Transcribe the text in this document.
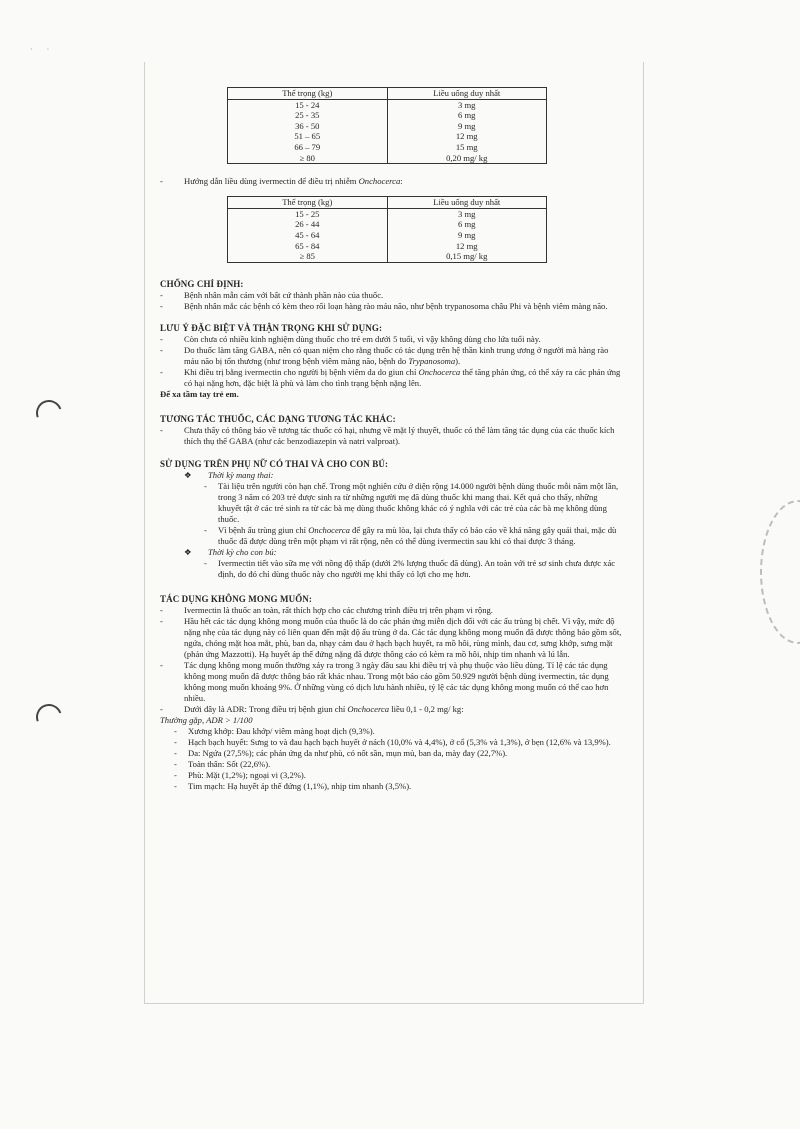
· ·
Thể trọng (kg)	Liều uống duy nhất
15 - 24	3 mg
25 - 35	6 mg
36 - 50	9 mg
51 – 65	12 mg
66 – 79	15 mg
≥ 80	0,20 mg/ kg
- Hướng dẫn liều dùng ivermectin để điều trị nhiễm Onchocerca:
Thể trọng (kg)	Liều uống duy nhất
15 - 25	3 mg
26 - 44	6 mg
45 - 64	9 mg
65 - 84	12 mg
≥ 85	0,15 mg/ kg
CHỐNG CHỈ ĐỊNH:
- Bệnh nhân mẫn cảm với bất cứ thành phần nào của thuốc.
- Bệnh nhân mắc các bệnh có kèm theo rối loạn hàng rào máu não, như bệnh trypanosoma châu Phi và bệnh viêm màng não.
LƯU Ý ĐẶC BIỆT VÀ THẬN TRỌNG KHI SỬ DỤNG:
- Còn chưa có nhiều kinh nghiệm dùng thuốc cho trẻ em dưới 5 tuổi, vì vậy không dùng cho lứa tuổi này.
- Do thuốc làm tăng GABA, nên có quan niệm cho rằng thuốc có tác dụng trên hệ thần kinh trung ương ở người mà hàng rào máu não bị tổn thương (như trong bệnh viêm màng não, bệnh do Trypanosoma).
- Khi điều trị bằng ivermectin cho người bị bệnh viêm da do giun chỉ Onchocerca thể tăng phản ứng, có thể xảy ra các phản ứng có hại nặng hơn, đặc biệt là phù và làm cho tình trạng bệnh nặng lên.
Để xa tầm tay trẻ em.
TƯƠNG TÁC THUỐC, CÁC DẠNG TƯƠNG TÁC KHÁC:
- Chưa thấy có thông báo về tương tác thuốc có hại, nhưng về mặt lý thuyết, thuốc có thể làm tăng tác dụng của các thuốc kích thích thụ thể GABA (như các benzodiazepin và natri valproat).
SỬ DỤNG TRÊN PHỤ NỮ CÓ THAI VÀ CHO CON BÚ:
❖ Thời kỳ mang thai:
- Tài liệu trên người còn hạn chế. Trong một nghiên cứu ở diện rộng 14.000 người bệnh dùng thuốc mỗi năm một lần, trong 3 năm có 203 trẻ được sinh ra từ những người mẹ đã dùng thuốc khi mang thai. Kết quả cho thấy, những khuyết tật ở các trẻ sinh ra từ các bà mẹ dùng thuốc không khác có ý nghĩa với các trẻ của các bà mẹ không dùng thuốc.
- Vì bệnh ấu trùng giun chỉ Onchocerca để gây ra mù lòa, lại chưa thấy có báo cáo về khả năng gây quái thai, mặc dù thuốc đã được dùng trên một phạm vi rất rộng, nên có thể dùng ivermectin sau khi có thai được 3 tháng.
❖ Thời kỳ cho con bú:
- Ivermectin tiết vào sữa mẹ với nồng độ thấp (dưới 2% lượng thuốc đã dùng). An toàn với trẻ sơ sinh chưa được xác định, do đó chỉ dùng thuốc này cho người mẹ khi thấy có lợi cho mẹ hơn.
TÁC DỤNG KHÔNG MONG MUỐN:
- Ivermectin là thuốc an toàn, rất thích hợp cho các chương trình điều trị trên phạm vi rộng.
- Hầu hết các tác dụng không mong muốn của thuốc là do các phản ứng miễn dịch đối với các ấu trùng bị chết. Vì vậy, mức độ nặng nhẹ của tác dụng này có liên quan đến mật độ ấu trùng ở da. Các tác dụng không mong muốn đã được thông báo gồm sốt, ngứa, chóng mặt hoa mắt, phù, ban da, nhạy cảm đau ở hạch bạch huyết, ra mồ hôi, rùng mình, đau cơ, sưng khớp, sưng mặt (phản ứng Mazzotti). Hạ huyết áp thế đứng nặng đã được thông cáo có kèm ra mồ hôi, nhịp tim nhanh và lú lẫn.
- Tác dụng không mong muốn thường xảy ra trong 3 ngày đầu sau khi điều trị và phụ thuộc vào liều dùng. Tỉ lệ các tác dụng không mong muốn đã được thông báo rất khác nhau. Trong một báo cáo gồm 50.929 người bệnh dùng ivermectin, tác dụng không mong muốn khoảng 9%. Ở những vùng có dịch lưu hành nhiều, tỷ lệ các tác dụng không mong muốn có thể cao hơn nhiều.
- Dưới đây là ADR: Trong điều trị bệnh giun chỉ Onchocerca liều 0,1 - 0,2 mg/ kg:
Thường gặp, ADR > 1/100
- Xương khớp: Đau khớp/ viêm màng hoạt dịch (9,3%).
- Hạch bạch huyết: Sưng to và đau hạch bạch huyết ở nách (10,0% và 4,4%), ở cổ (5,3% và 1,3%), ở bẹn (12,6% và 13,9%).
- Da: Ngứa (27,5%); các phản ứng da như phù, có nốt sần, mụn mủ, ban da, mày đay (22,7%).
- Toàn thân: Sốt (22,6%).
- Phù: Mặt (1,2%); ngoại vi (3,2%).
- Tim mạch: Hạ huyết áp thế đứng (1,1%), nhịp tim nhanh (3,5%).
